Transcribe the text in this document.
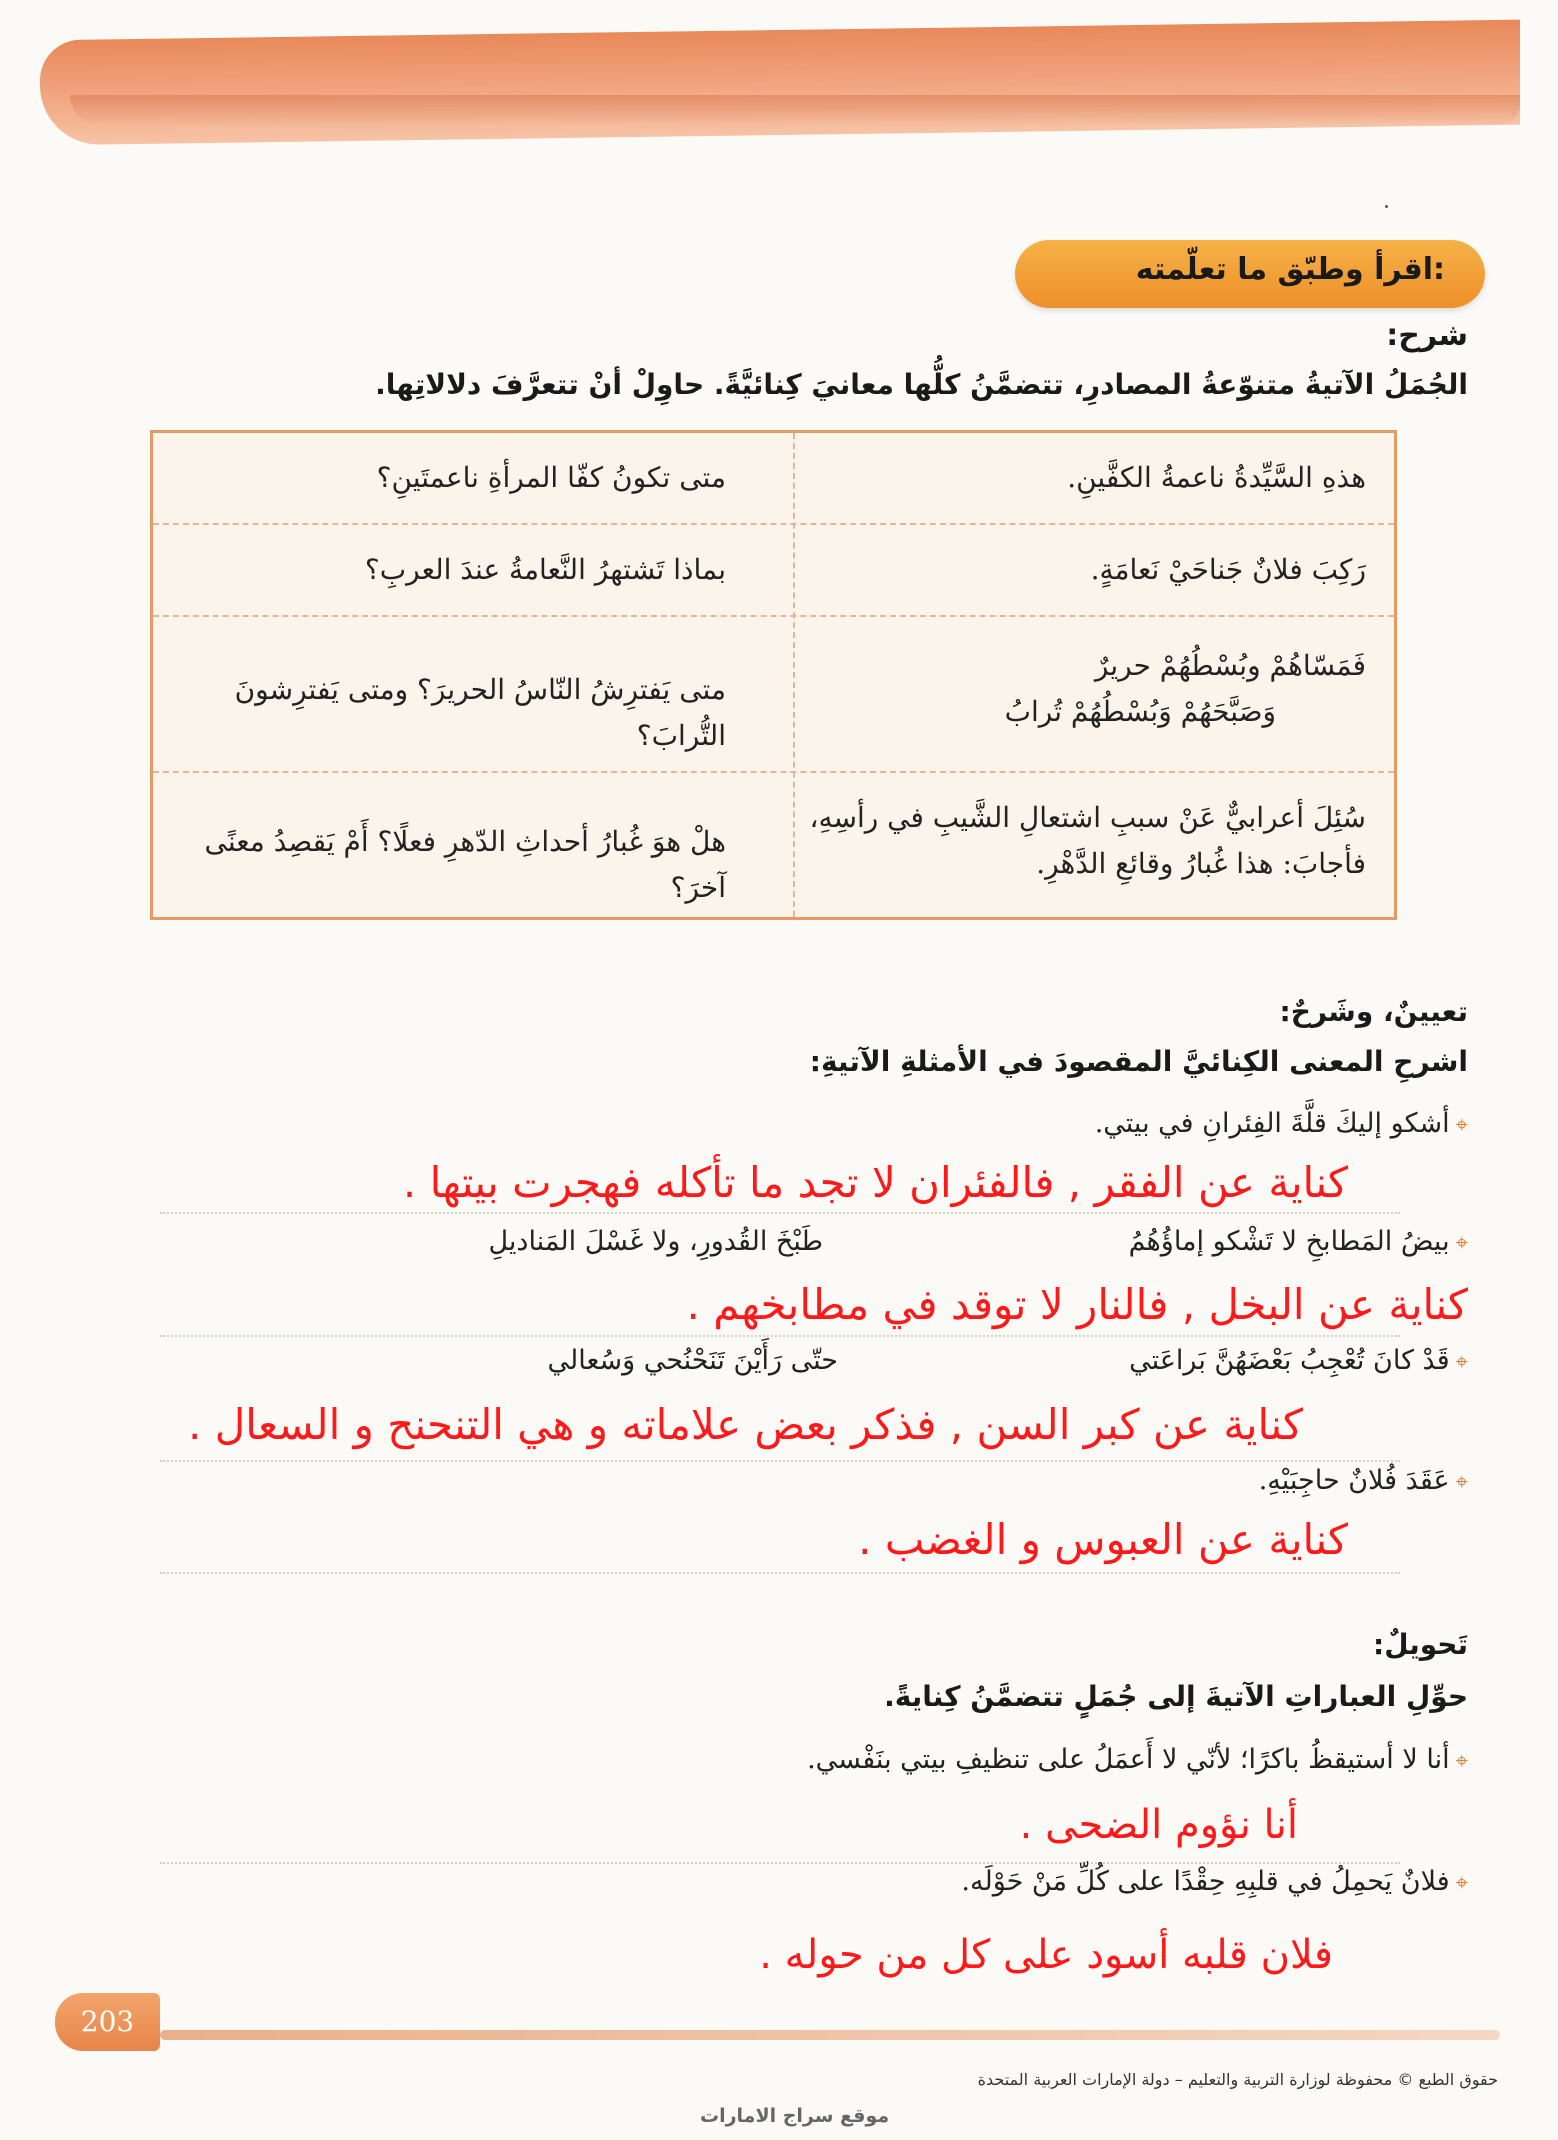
اقرأ وطبّق ما تعلّمته:
شرح:
الجُمَلُ الآتيةُ متنوّعةُ المصادرِ، تتضمَّنُ كلُّها معانيَ كِنائيَّةً. حاوِلْ أنْ تتعرَّفَ دلالاتِها.
هذهِ السَّيِّدةُ ناعمةُ الكفَّينِ.
متى تكونُ كفّا المرأةِ ناعمتَينِ؟
رَكِبَ فلانٌ جَناحَيْ نَعامَةٍ.
بماذا تَشتهرُ النَّعامةُ عندَ العربِ؟
فَمَسّاهُمْ وبُسْطُهُمْ حريرٌ
وَصَبَّحَهُمْ وَبُسْطُهُمْ تُرابُ
متى يَفترِشُ النّاسُ الحريرَ؟ ومتى يَفترِشونَ التُّرابَ؟
سُئِلَ أعرابيٌّ عَنْ سببِ اشتعالِ الشَّيبِ في رأسِهِ،
فأجابَ: هذا غُبارُ وقائعِ الدَّهْرِ.
هلْ هوَ غُبارُ أحداثِ الدّهرِ فعلًا؟ أَمْ يَقصِدُ معنًى آخرَ؟
تعيينٌ، وشَرحٌ:
اشرحِ المعنى الكِنائيَّ المقصودَ في الأمثلةِ الآتيةِ:
⌖أشكو إليكَ قلَّةَ الفِئرانِ في بيتي.
كناية عن الفقر , فالفئران لا تجد ما تأكله فهجرت بيتها .
⌖بيضُ المَطابخِ لا تَشْكو إماؤُهُمُ
طَبْخَ القُدورِ، ولا غَسْلَ المَناديلِ
كناية عن البخل , فالنار لا توقد في مطابخهم .
⌖قَدْ كانَ تُعْجِبُ بَعْضَهُنَّ بَراعَتي
حتّى رَأَيْنَ تَنَحْنُحي وَسُعالي
كناية عن كبر السن , فذكر بعض علاماته و هي التنحنح و السعال .
⌖عَقَدَ فُلانٌ حاجِبَيْهِ.
كناية عن العبوس و الغضب .
تَحويلٌ:
حوِّلِ العباراتِ الآتيةَ إلى جُمَلٍ تتضمَّنُ كِنايةً.
⌖أنا لا أستيقظُ باكرًا؛ لأنّي لا أَعمَلُ على تنظيفِ بيتي بنَفْسي.
أنا نؤوم الضحى .
⌖فلانٌ يَحمِلُ في قلبِهِ حِقْدًا على كُلِّ مَنْ حَوْلَه.
فلان قلبه أسود على كل من حوله .
203
حقوق الطبع © محفوظة لوزارة التربية والتعليم – دولة الإمارات العربية المتحدة
موقع سراج الامارات
